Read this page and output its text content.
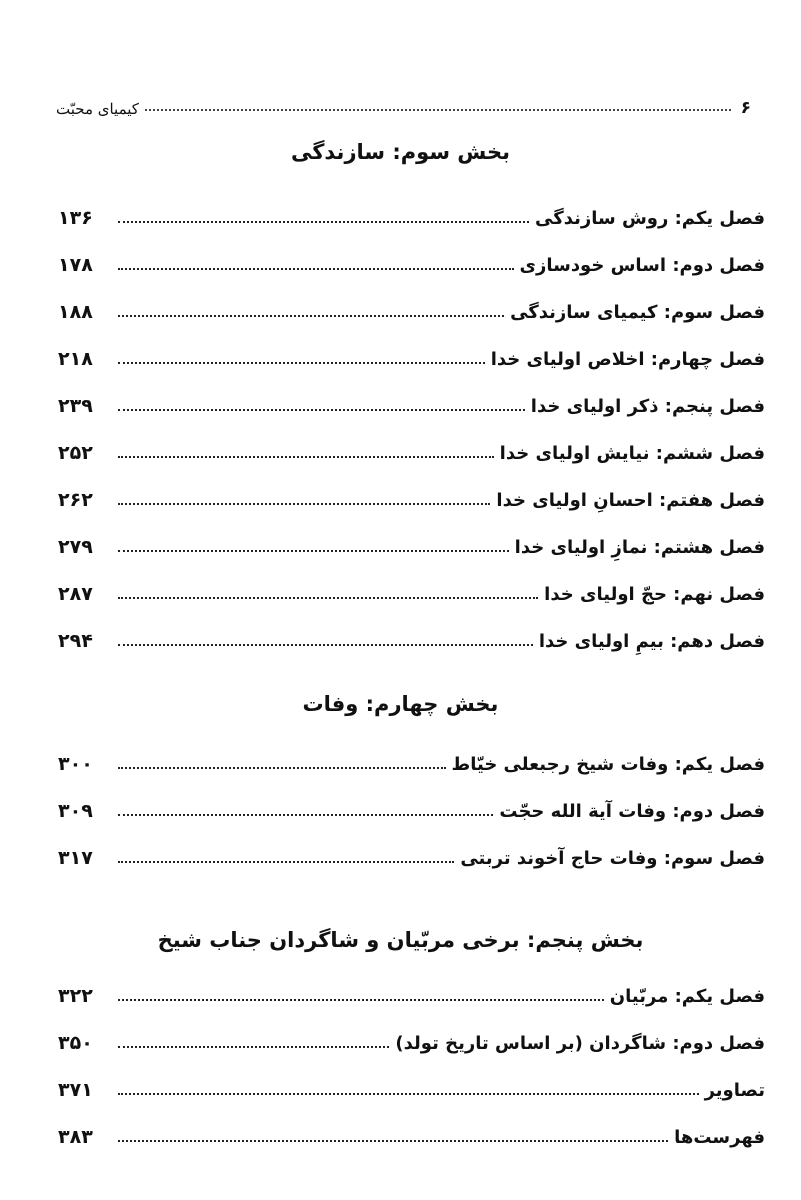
۶
کیمیای محبّت
بخش سوم: سازندگی
فصل یکم: روش سازندگی
۱۳۶
فصل دوم: اساس خودسازی
۱۷۸
فصل سوم: کیمیای سازندگی
۱۸۸
فصل چهارم: اخلاص اولیای خدا
۲۱۸
فصل پنجم: ذکر اولیای خدا
۲۳۹
فصل ششم: نیایش اولیای خدا
۲۵۲
فصل هفتم: احسانِ اولیای خدا
۲۶۲
فصل هشتم: نمازِ اولیای خدا
۲۷۹
فصل نهم: حجّ اولیای خدا
۲۸۷
فصل دهم: بیمِ اولیای خدا
۲۹۴
بخش چهارم: وفات
فصل یکم: وفات شیخ رجبعلی خیّاط
۳۰۰
فصل دوم: وفات آیة الله حجّت
۳۰۹
فصل سوم: وفات حاج آخوند تربتی
۳۱۷
بخش پنجم: برخی مربّیان و شاگردان جناب شیخ
فصل یکم: مربّیان
۳۲۲
فصل دوم: شاگردان (بر اساس تاریخ تولد)
۳۵۰
تصاویر
۳۷۱
فهرست‌ها
۳۸۳
